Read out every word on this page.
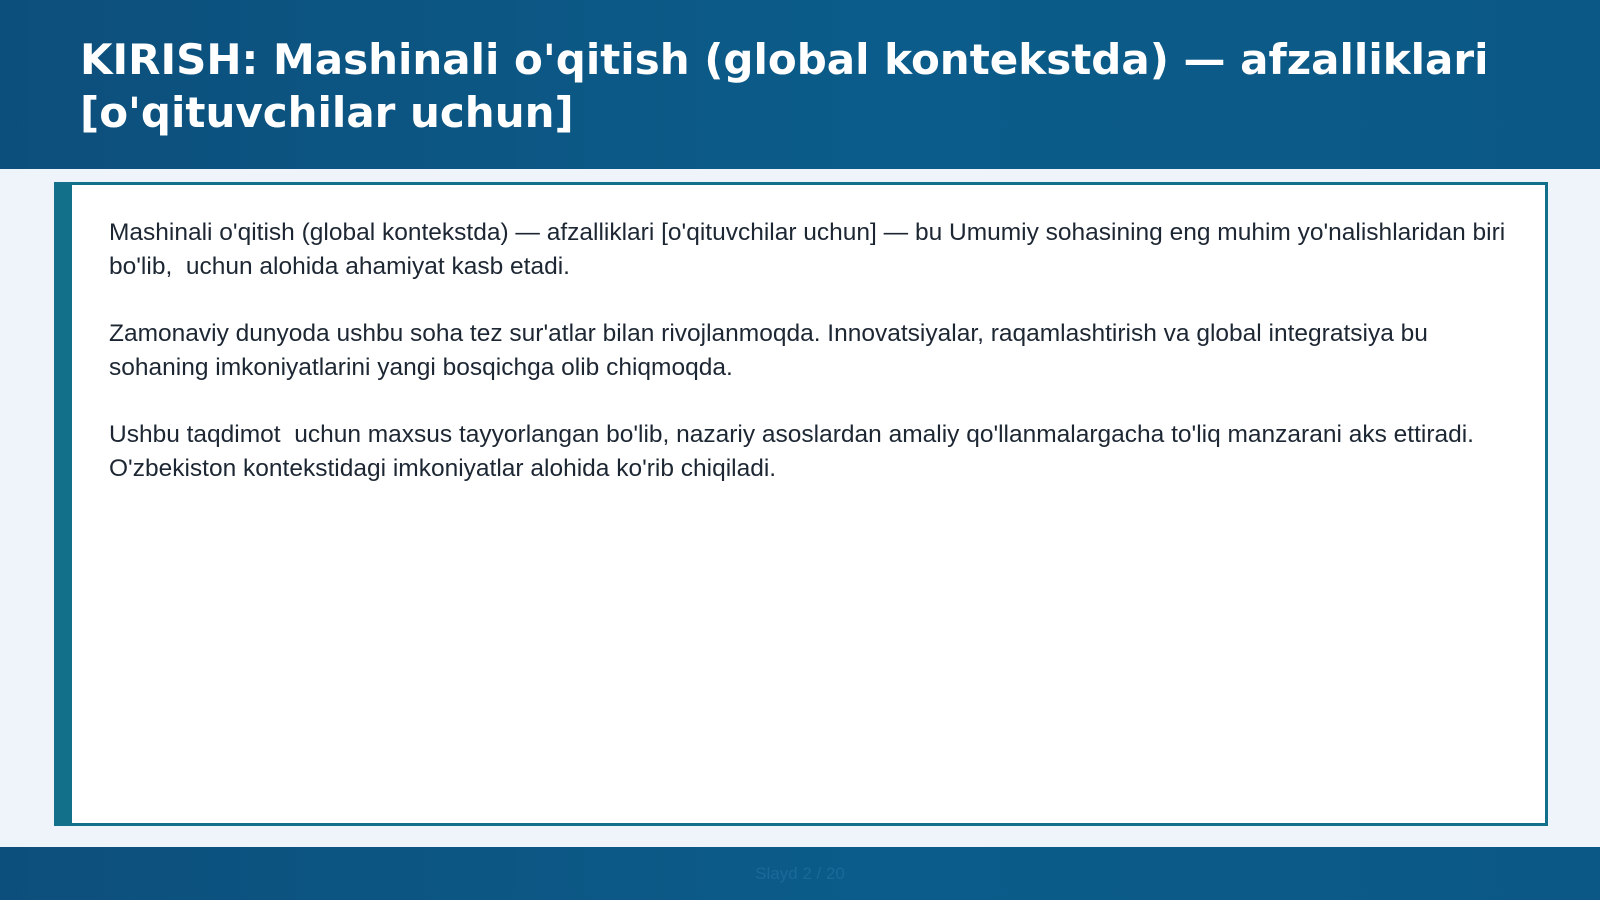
KIRISH: Mashinali o'qitish (global kontekstda) — afzalliklari [o'qituvchilar uchun]

Mashinali o'qitish (global kontekstda) — afzalliklari [o'qituvchilar uchun] — bu Umumiy sohasining eng muhim yo'nalishlaridan biri bo'lib,  uchun alohida ahamiyat kasb etadi.

Zamonaviy dunyoda ushbu soha tez sur'atlar bilan rivojlanmoqda. Innovatsiyalar, raqamlashtirish va global integratsiya bu sohaning imkoniyatlarini yangi bosqichga olib chiqmoqda.

Ushbu taqdimot  uchun maxsus tayyorlangan bo'lib, nazariy asoslardan amaliy qo'llanmalargacha to'liq manzarani aks ettiradi. O'zbekiston kontekstidagi imkoniyatlar alohida ko'rib chiqiladi.

Slayd 2 / 20
